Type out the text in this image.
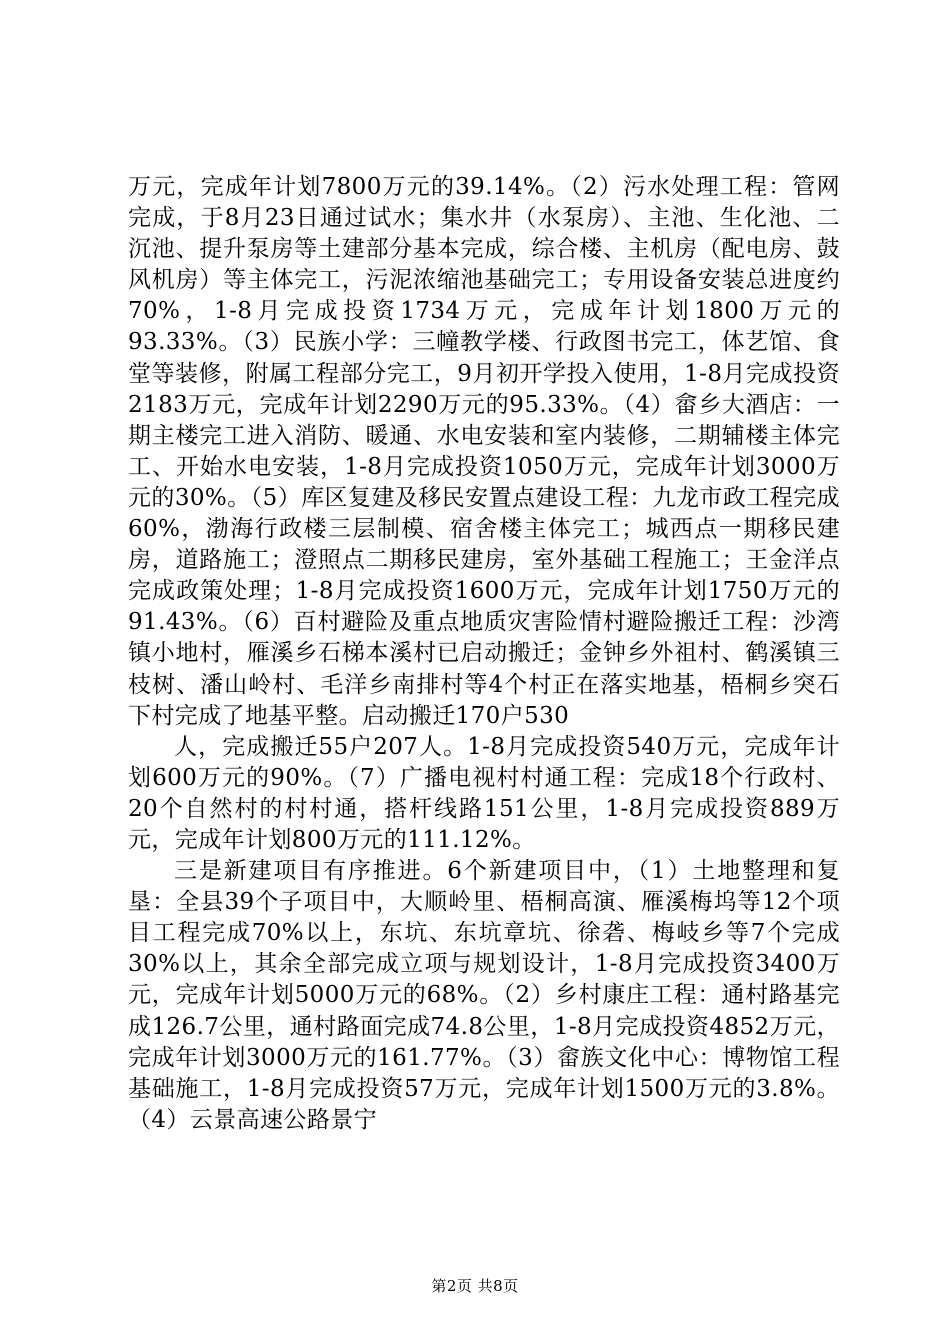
万元，完成年计划7800万元的39.14%。（2）污水处理工程：管网完成，于8月23日通过试水；集水井（水泵房）、主池、生化池、二沉池、提升泵房等土建部分基本完成，综合楼、主机房（配电房、鼓风机房）等主体完工，污泥浓缩池基础完工；专用设备安装总进度约70%，1-8月完成投资1734万元，完成年计划1800万元的93.33%。（3）民族小学：三幢教学楼、行政图书完工，体艺馆、食堂等装修，附属工程部分完工，9月初开学投入使用，1-8月完成投资2183万元，完成年计划2290万元的95.33%。（4）畲乡大酒店：一期主楼完工进入消防、暖通、水电安装和室内装修，二期辅楼主体完工、开始水电安装，1-8月完成投资1050万元，完成年计划3000万元的30%。（5）库区复建及移民安置点建设工程：九龙市政工程完成60%，渤海行政楼三层制模、宿舍楼主体完工；城西点一期移民建房，道路施工；澄照点二期移民建房，室外基础工程施工；王金洋点完成政策处理；1-8月完成投资1600万元，完成年计划1750万元的91.43%。（6）百村避险及重点地质灾害险情村避险搬迁工程：沙湾镇小地村，雁溪乡石梯本溪村已启动搬迁；金钟乡外祖村、鹤溪镇三枝树、潘山岭村、毛洋乡南排村等4个村正在落实地基，梧桐乡突石下村完成了地基平整。启动搬迁170户530

人，完成搬迁55户207人。1-8月完成投资540万元，完成年计划600万元的90%。（7）广播电视村村通工程：完成18个行政村、20个自然村的村村通，搭杆线路151公里，1-8月完成投资889万元，完成年计划800万元的111.12%。

三是新建项目有序推进。6个新建项目中，（1）土地整理和复垦：全县39个子项目中，大顺岭里、梧桐高演、雁溪梅坞等12个项目工程完成70%以上，东坑、东坑章坑、徐砻、梅岐乡等7个完成30%以上，其余全部完成立项与规划设计，1-8月完成投资3400万元，完成年计划5000万元的68%。（2）乡村康庄工程：通村路基完成126.7公里，通村路面完成74.8公里，1-8月完成投资4852万元，完成年计划3000万元的161.77%。（3）畲族文化中心：博物馆工程基础施工，1-8月完成投资57万元，完成年计划1500万元的3.8%。（4）云景高速公路景宁

第2页 共8页
